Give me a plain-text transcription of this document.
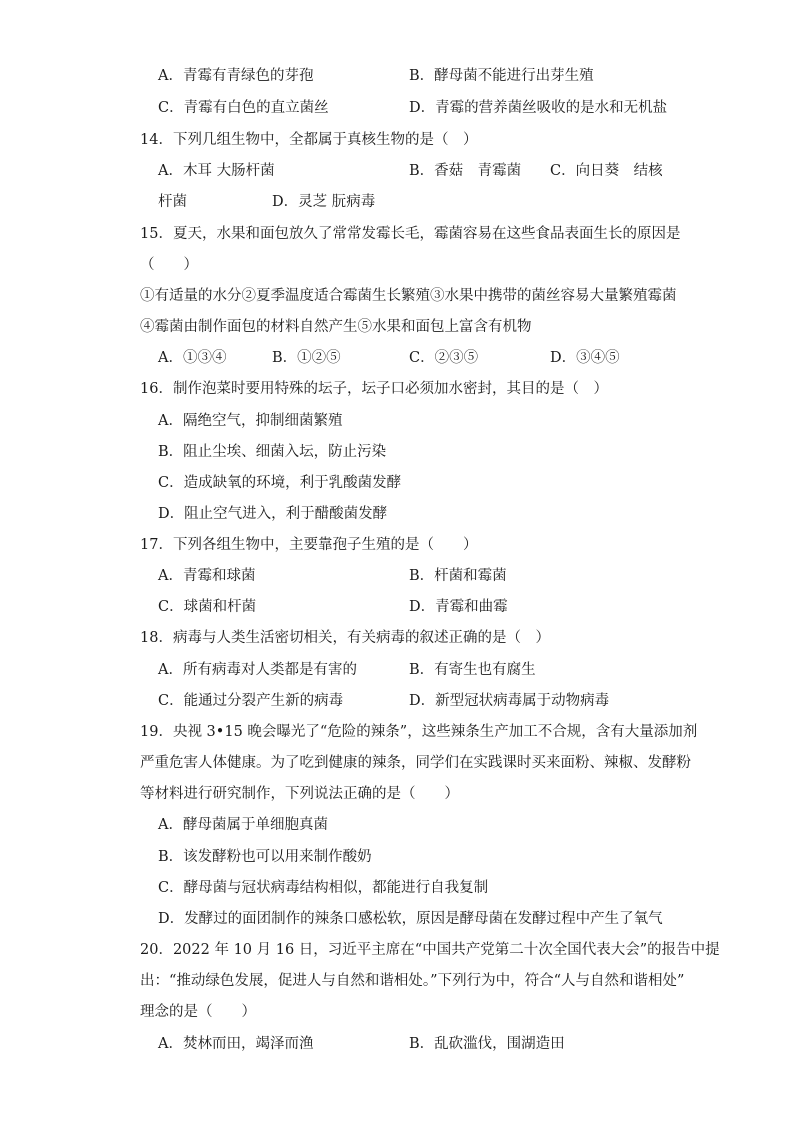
A．青霉有青绿色的芽孢	B．酵母菌不能进行出芽生殖
C．青霉有白色的直立菌丝	D．青霉的营养菌丝吸收的是水和无机盐
14．下列几组生物中，全都属于真核生物的是（　）
A．木耳 大肠杆菌	B．香菇　青霉菌 C．向日葵　结核
杆菌	D．灵芝 朊病毒
15．夏天，水果和面包放久了常常发霉长毛，霉菌容易在这些食品表面生长的原因是
（　　）
①有适量的水分②夏季温度适合霉菌生长繁殖③水果中携带的菌丝容易大量繁殖霉菌
④霉菌由制作面包的材料自然产生⑤水果和面包上富含有机物
A．①③④	B．①②⑤	C．②③⑤	D．③④⑤
16．制作泡菜时要用特殊的坛子，坛子口必须加水密封，其目的是（　）
A．隔绝空气，抑制细菌繁殖
B．阻止尘埃、细菌入坛，防止污染
C．造成缺氧的环境，利于乳酸菌发酵
D．阻止空气进入，利于醋酸菌发酵
17．下列各组生物中，主要靠孢子生殖的是（　　）
A．青霉和球菌	B．杆菌和霉菌
C．球菌和杆菌	D．青霉和曲霉
18．病毒与人类生活密切相关，有关病毒的叙述正确的是（　）
A．所有病毒对人类都是有害的	B．有寄生也有腐生
C．能通过分裂产生新的病毒	D．新型冠状病毒属于动物病毒
19．央视 3•15 晚会曝光了“危险的辣条”，这些辣条生产加工不合规，含有大量添加剂
严重危害人体健康。为了吃到健康的辣条，同学们在实践课时买来面粉、辣椒、发酵粉
等材料进行研究制作，下列说法正确的是（　　）
A．酵母菌属于单细胞真菌
B．该发酵粉也可以用来制作酸奶
C．酵母菌与冠状病毒结构相似，都能进行自我复制
D．发酵过的面团制作的辣条口感松软，原因是酵母菌在发酵过程中产生了氧气
20．2022 年 10 月 16 日，习近平主席在“中国共产党第二十次全国代表大会”的报告中提
出：“推动绿色发展，促进人与自然和谐相处。”下列行为中，符合“人与自然和谐相处”
理念的是（　　）
A．焚林而田，竭泽而渔	B．乱砍滥伐，围湖造田
